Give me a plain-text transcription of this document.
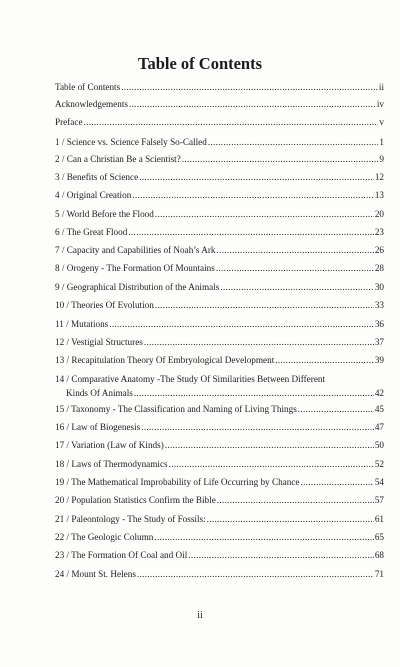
Table of Contents
Table of Contents .....	ii
Acknowledgements .....	iv
Preface .....	v
1 / Science vs. Science Falsely So-Called .....	1
2 / Can a Christian Be a Scientist? .....	9
3 / Benefits of Science .....	12
4 / Original Creation .....	13
5 / World Before the Flood .....	20
6 / The Great Flood .....	23
7 / Capacity and Capabilities of Noah’s Ark .....	26
8 / Orogeny - The Formation Of Mountains .....	28
9 / Geographical Distribution of the Animals .....	30
10 / Theories Of Evolution .....	33
11 / Mutations .....	36
12 / Vestigial Structures .....	37
13 / Recapitulation Theory Of Embryological Development .....	39
14 / Comparative Anatomy -The Study Of Similarities Between Different
Kinds Of Animals .....	42
15 / Taxonomy - The Classification and Naming of Living Things .....	45
16 / Law of Biogenesis .....	47
17 / Variation (Law of Kinds) .....	50
18 / Laws of Thermodynamics .....	52
19 / The Mathematical Improbability of Life Occurring by Chance .....	54
20 / Population Statistics Confirm the Bible .....	57
21 / Paleontology - The Study of Fossils: .....	61
22 / The Geologic Column .....	65
23 / The Formation Of Coal and Oil .....	68
24 / Mount St. Helens .....	71
ii
